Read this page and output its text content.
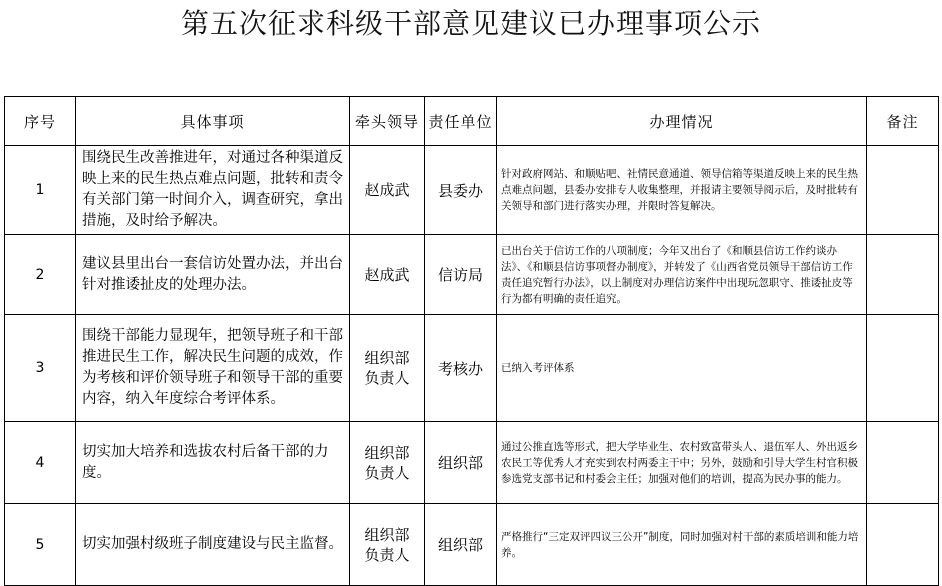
第五次征求科级干部意见建议已办理事项公示
序号	具体事项	牵头领导	责任单位	办理情况	备注
1	围绕民生改善推进年，对通过各种渠道反映上来的民生热点难点问题，批转和责令有关部门第一时间介入，调查研究，拿出措施，及时给予解决。	赵成武	县委办	针对政府网站、和顺贴吧、社情民意通道、领导信箱等渠道反映上来的民生热点难点问题，县委办安排专人收集整理，并报请主要领导阅示后，及时批转有关领导和部门进行落实办理，并限时答复解决。	
2	建议县里出台一套信访处置办法，并出台针对推诿扯皮的处理办法。	赵成武	信访局	已出台关于信访工作的八项制度；今年又出台了《和顺县信访工作约谈办法》、《和顺县信访事项督办制度》，并转发了《山西省党员领导干部信访工作责任追究暂行办法》，以上制度对办理信访案件中出现玩忽职守、推诿扯皮等行为都有明确的责任追究。	
3	围绕干部能力显现年，把领导班子和干部推进民生工作，解决民生问题的成效，作为考核和评价领导班子和领导干部的重要内容，纳入年度综合考评体系。	组织部负责人	考核办	已纳入考评体系	
4	切实加大培养和选拔农村后备干部的力度。	组织部负责人	组织部	通过公推直选等形式，把大学毕业生、农村致富带头人、退伍军人、外出返乡农民工等优秀人才充实到农村两委主干中；另外，鼓励和引导大学生村官积极参选党支部书记和村委会主任；加强对他们的培训，提高为民办事的能力。	
5	切实加强村级班子制度建设与民主监督。	组织部负责人	组织部	严格推行“三定双评四议三公开”制度，同时加强对村干部的素质培训和能力培养。	
